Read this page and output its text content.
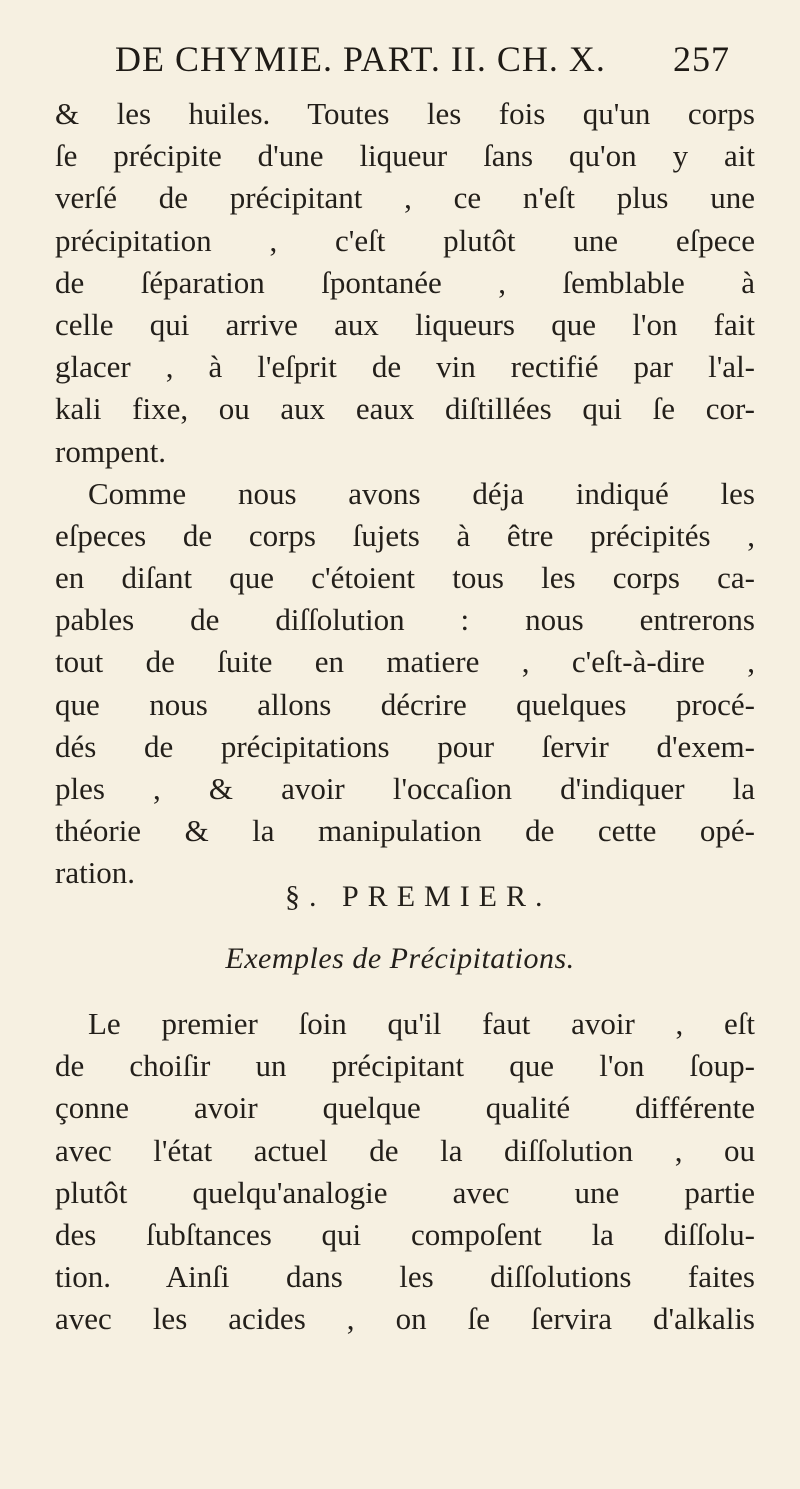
DE CHYMIE. PART. II. CH. X. 257
& les huiles. Toutes les fois qu'un corps
ſe précipite d'une liqueur ſans qu'on y ait
verſé de précipitant , ce n'eſt plus une
précipitation , c'eſt plutôt une eſpece
de ſéparation ſpontanée , ſemblable à
celle qui arrive aux liqueurs que l'on fait
glacer , à l'eſprit de vin rectifié par l'al-
kali fixe, ou aux eaux diſtillées qui ſe cor-
rompent.
Comme nous avons déja indiqué les
eſpeces de corps ſujets à être précipités ,
en diſant que c'étoient tous les corps ca-
pables de diſſolution : nous entrerons
tout de ſuite en matiere , c'eſt-à-dire ,
que nous allons décrire quelques procé-
dés de précipitations pour ſervir d'exem-
ples , & avoir l'occaſion d'indiquer la
théorie & la manipulation de cette opé-
ration.
§. PREMIER.
Exemples de Précipitations.
Le premier ſoin qu'il faut avoir , eſt
de choiſir un précipitant que l'on ſoup-
çonne avoir quelque qualité différente
avec l'état actuel de la diſſolution , ou
plutôt quelqu'analogie avec une partie
des ſubſtances qui compoſent la diſſolu-
tion. Ainſi dans les diſſolutions faites
avec les acides , on ſe ſervira d'alkalis
